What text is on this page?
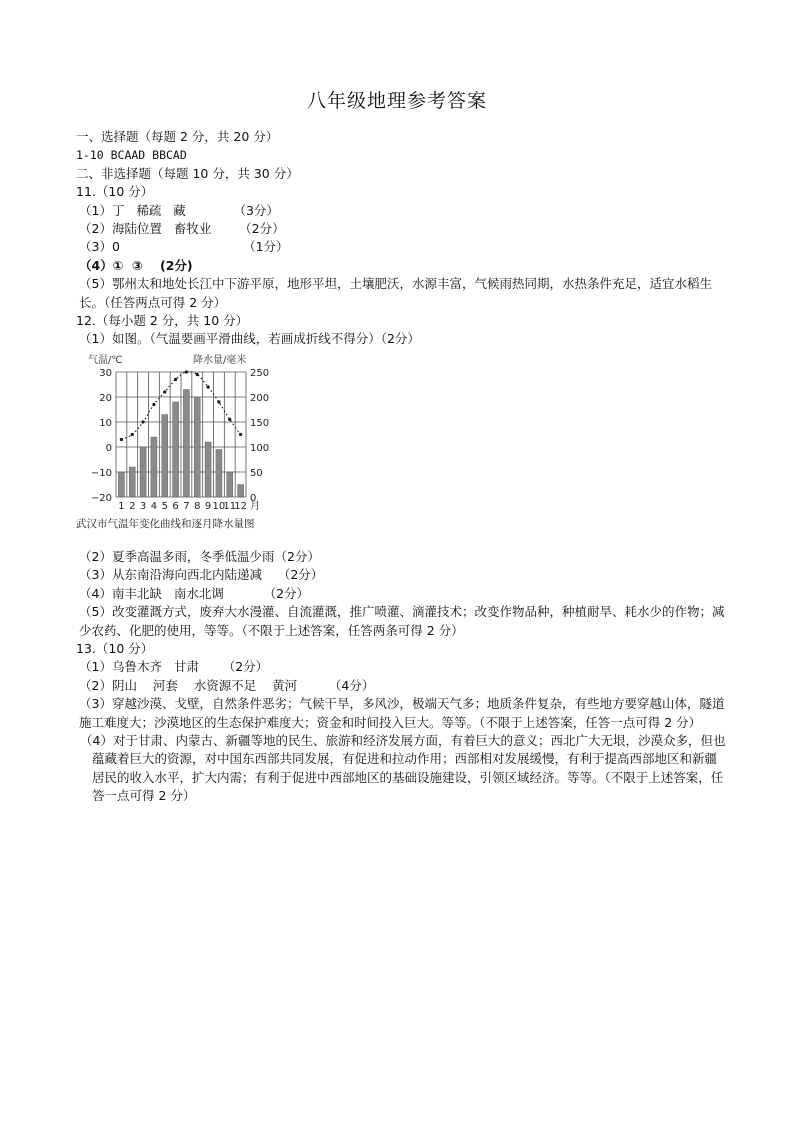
八年级地理参考答案
一、选择题（每题 2 分，共 20 分）
1-10 BCAAD BBCAD
二、非选择题（每题 10 分，共 30 分）
11.（10 分）
（1）丁   稀疏   藏            （3分）
（2）海陆位置   畜牧业       （2分）
（3）0                               （1分）
（4）①  ③    (2分)
（5）鄂州太和地处长江中下游平原，地形平坦，土壤肥沃，水源丰富，气候雨热同期，水热条件充足，适宜水稻生长。（任答两点可得 2 分）
12.（每小题 2 分，共 10 分）
（1）如图。（气温要画平滑曲线，若画成折线不得分）（2分）
气温/℃	降水量/毫米
30
20
10
0
−10
−20
250
200
150
100
50
0
1 2 3 4 5 6 7 8 9 10
11
12 月
武汉市气温年变化曲线和逐月降水量图
（2）夏季高温多雨，冬季低温少雨（2分）
（3）从东南沿海向西北内陆递减    （2分）
（4）南丰北缺   南水北调          （2分）
（5）改变灌溉方式，废弃大水漫灌、自流灌溉，推广喷灌、滴灌技术；改变作物品种，种植耐旱、耗水少的作物；减少农药、化肥的使用，等等。（不限于上述答案，任答两条可得 2 分）
13.（10 分）
（1）乌鲁木齐   甘肃      （2分）
（2）阴山    河套    水资源不足    黄河        （4分）
（3）穿越沙漠、戈壁，自然条件恶劣；气候干旱，多风沙，极端天气多；地质条件复杂，有些地方要穿越山体，隧道施工难度大；沙漠地区的生态保护难度大；资金和时间投入巨大。等等。（不限于上述答案，任答一点可得 2 分）
（4）对于甘肃、内蒙古、新疆等地的民生、旅游和经济发展方面，有着巨大的意义；西北广大无垠，沙漠众多，但也蕴藏着巨大的资源，对中国东西部共同发展，有促进和拉动作用；西部相对发展缓慢，有利于提高西部地区和新疆居民的收入水平，扩大内需；有利于促进中西部地区的基础设施建设，引领区域经济。等等。（不限于上述答案，任答一点可得 2 分）
